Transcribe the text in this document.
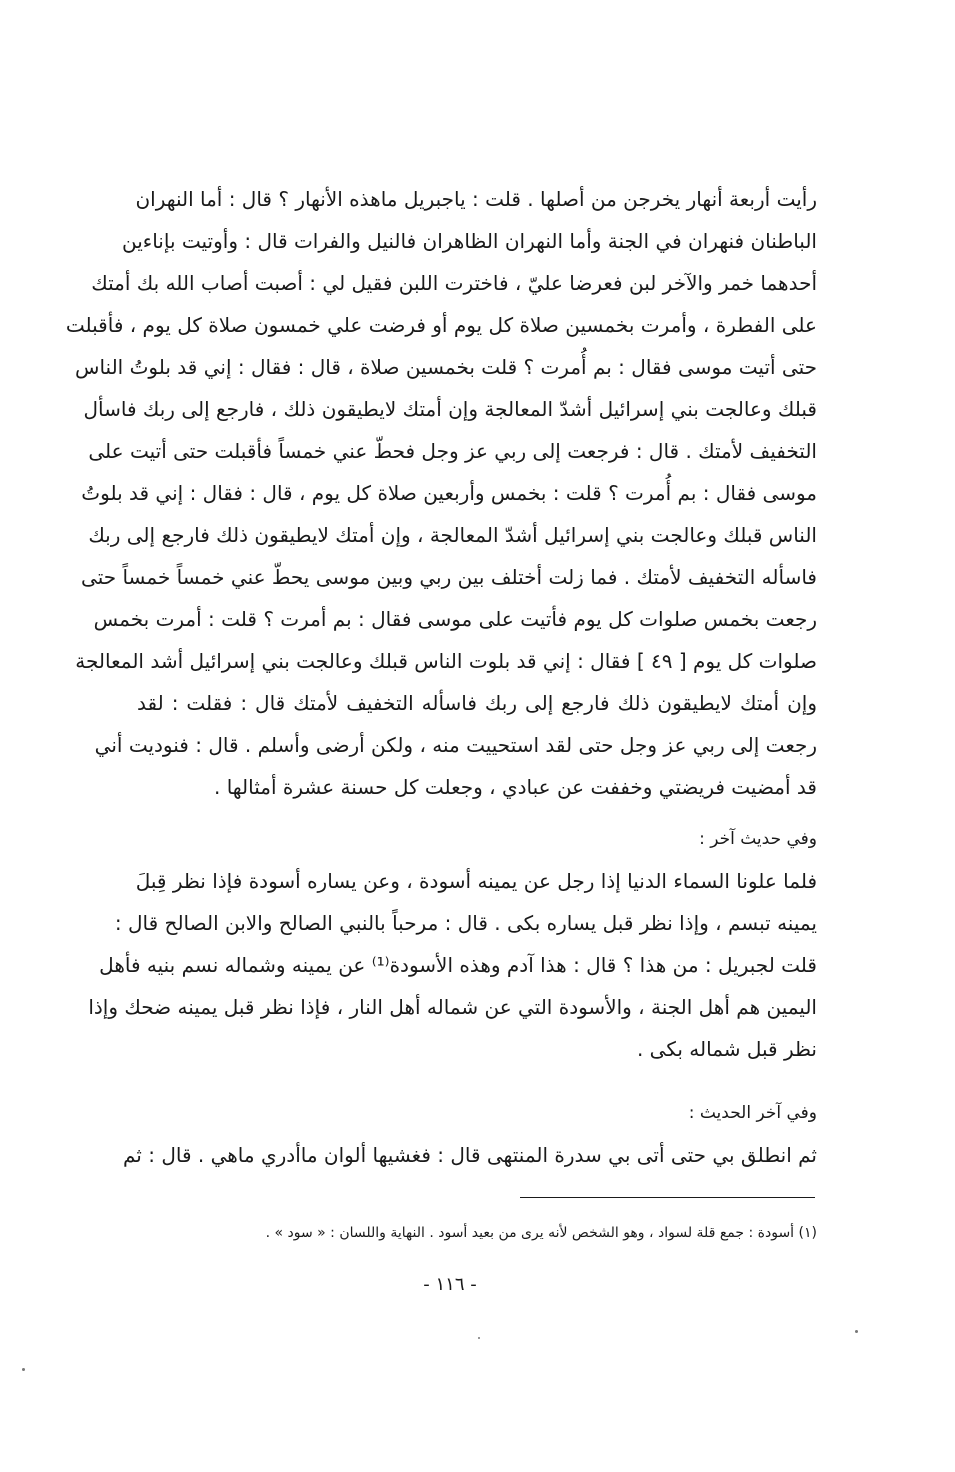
رأيت أربعة أنهار يخرجن من أصلها . قلت : ياجبريل ماهذه الأنهار ؟ قال : أما النهران
الباطنان فنهران في الجنة وأما النهران الظاهران فالنيل والفرات قال : وأوتيت بإناءين
أحدهما خمر والآخر لبن فعرضا عليّ ، فاخترت اللبن فقيل لي : أصبت أصاب الله بك أمتك
على الفطرة ، وأمرت بخمسين صلاة كل يوم أو فرضت علي خمسون صلاة كل يوم ، فأقبلت
حتى أتيت موسى فقال : بم أُمرت ؟ قلت بخمسين صلاة ، قال : فقال : إني قد بلوتُ الناس
قبلك وعالجت بني إسرائيل أشدّ المعالجة وإن أمتك لايطيقون ذلك ، فارجع إلى ربك فاسأل
التخفيف لأمتك . قال : فرجعت إلى ربي عز وجل فحطّ عني خمساً فأقبلت حتى أتيت على
موسى فقال : بم أُمرت ؟ قلت : بخمس وأربعين صلاة كل يوم ، قال : فقال : إني قد بلوتُ
الناس قبلك وعالجت بني إسرائيل أشدّ المعالجة ، وإن أمتك لايطيقون ذلك فارجع إلى ربك
فاسأله التخفيف لأمتك . فما زلت أختلف بين ربي وبين موسى يحطّ عني خمساً خمساً حتى
رجعت بخمس صلوات كل يوم فأتيت على موسى فقال : بم أمرت ؟ قلت : أمرت بخمس
صلوات كل يوم [ ٤٩ ] فقال : إني قد بلوت الناس قبلك وعالجت بني إسرائيل أشد المعالجة
وإن أمتك لايطيقون ذلك فارجع إلى ربك فاسأله التخفيف لأمتك قال : فقلت : لقد
رجعت إلى ربي عز وجل حتى لقد استحييت منه ، ولكن أرضى وأسلم . قال : فنوديت أني
قد أمضيت فريضتي وخففت عن عبادي ، وجعلت كل حسنة عشرة أمثالها .
وفي حديث آخر :
فلما علونا السماء الدنيا إذا رجل عن يمينه أسودة ، وعن يساره أسودة فإذا نظر قِبلَ
يمينه تبسم ، وإذا نظر قبل يساره بكى . قال : مرحباً بالنبي الصالح والابن الصالح قال :
قلت لجبريل : من هذا ؟ قال : هذا آدم وهذه الأسودة⁽¹⁾ عن يمينه وشماله نسم بنيه فأهل
اليمين هم أهل الجنة ، والأسودة التي عن شماله أهل النار ، فإذا نظر قبل يمينه ضحك وإذا
نظر قبل شماله بكى .
وفي آخر الحديث :
ثم انطلق بي حتى أتى بي سدرة المنتهى قال : فغشيها ألوان ماأدري ماهي . قال : ثم
(١) أسودة : جمع قلة لسواد ، وهو الشخص لأنه يرى من بعيد أسود . النهاية واللسان : « سود » .
- ١١٦ -
